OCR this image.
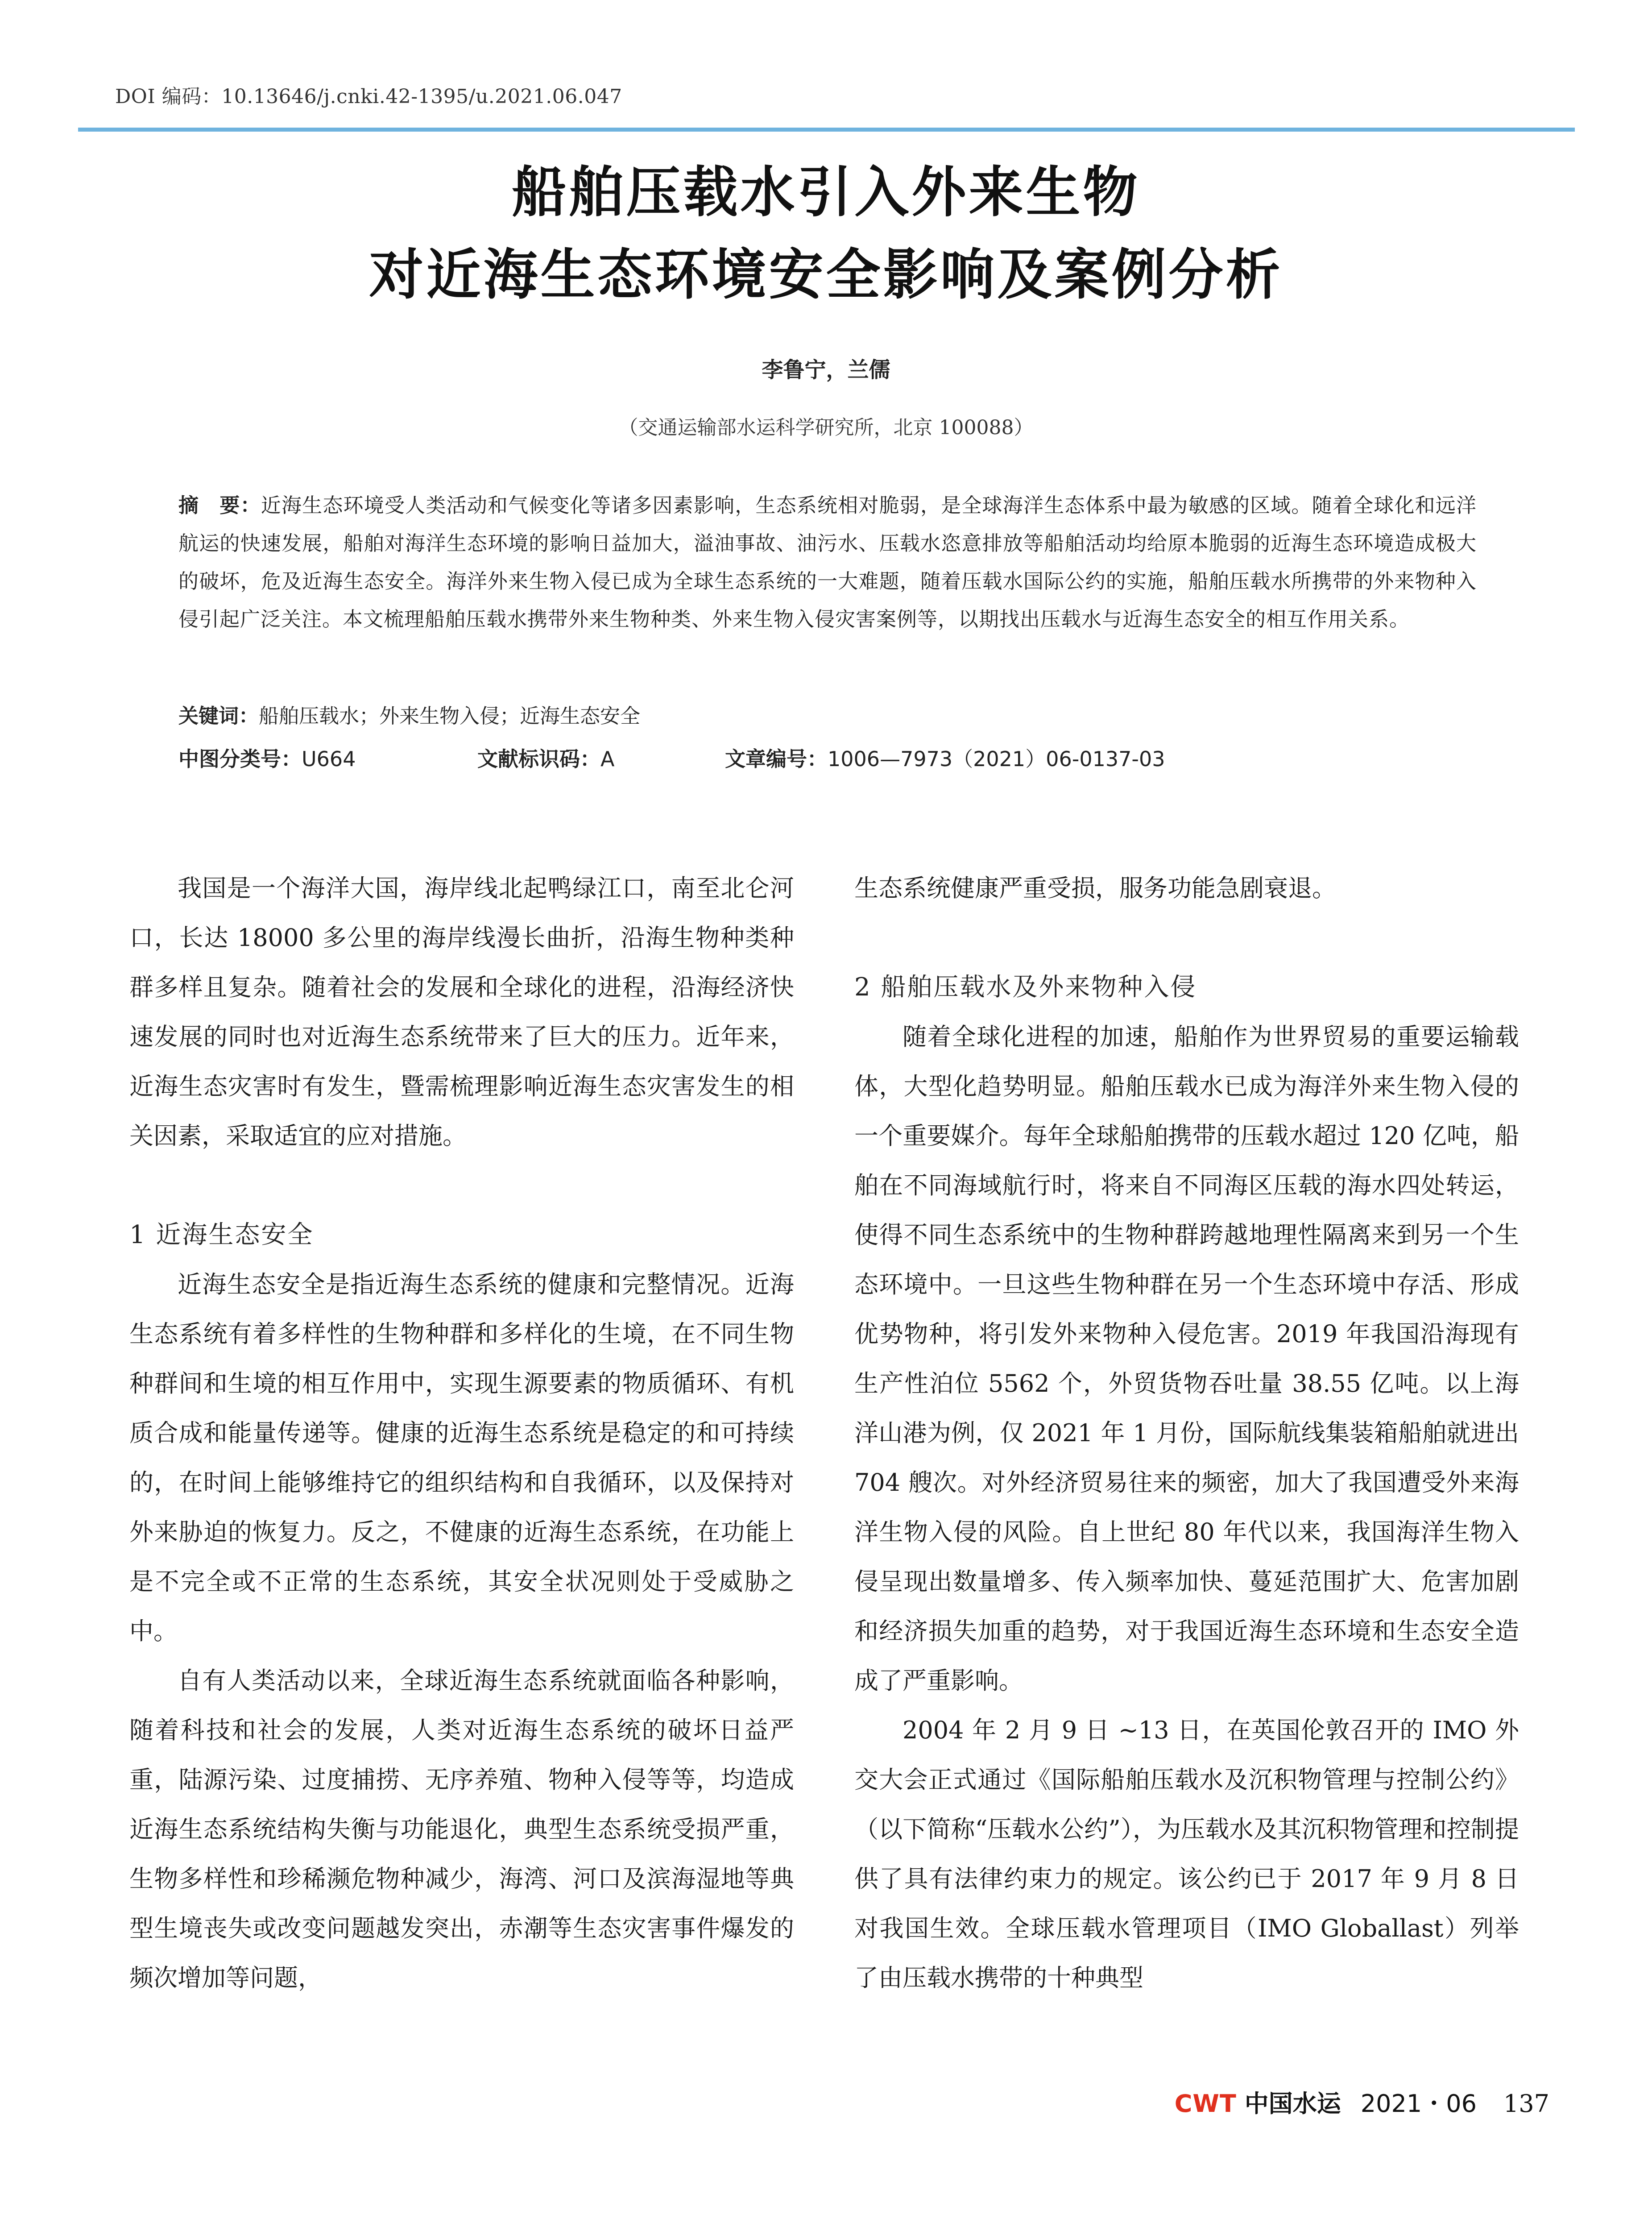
DOI 编码：10.13646/j.cnki.42-1395/u.2021.06.047
船舶压载水引入外来生物
对近海生态环境安全影响及案例分析
李鲁宁，兰儒
（交通运输部水运科学研究所，北京 100088）
摘　要：近海生态环境受人类活动和气候变化等诸多因素影响，生态系统相对脆弱，是全球海洋生态体系中最为敏感的区域。随着全球化和远洋航运的快速发展，船舶对海洋生态环境的影响日益加大，溢油事故、油污水、压载水恣意排放等船舶活动均给原本脆弱的近海生态环境造成极大的破坏，危及近海生态安全。海洋外来生物入侵已成为全球生态系统的一大难题，随着压载水国际公约的实施，船舶压载水所携带的外来物种入侵引起广泛关注。本文梳理船舶压载水携带外来生物种类、外来生物入侵灾害案例等，以期找出压载水与近海生态安全的相互作用关系。
关键词：船舶压载水；外来生物入侵；近海生态安全
中图分类号：U664	文献标识码：A	文章编号：1006—7973（2021）06-0137-03

我国是一个海洋大国，海岸线北起鸭绿江口，南至北仑河口，长达 18000 多公里的海岸线漫长曲折，沿海生物种类种群多样且复杂。随着社会的发展和全球化的进程，沿海经济快速发展的同时也对近海生态系统带来了巨大的压力。近年来，近海生态灾害时有发生，暨需梳理影响近海生态灾害发生的相关因素，采取适宜的应对措施。

1 近海生态安全

近海生态安全是指近海生态系统的健康和完整情况。近海生态系统有着多样性的生物种群和多样化的生境，在不同生物种群间和生境的相互作用中，实现生源要素的物质循环、有机质合成和能量传递等。健康的近海生态系统是稳定的和可持续的，在时间上能够维持它的组织结构和自我循环，以及保持对外来胁迫的恢复力。反之，不健康的近海生态系统，在功能上是不完全或不正常的生态系统，其安全状况则处于受威胁之中。

自有人类活动以来，全球近海生态系统就面临各种影响，随着科技和社会的发展，人类对近海生态系统的破坏日益严重，陆源污染、过度捕捞、无序养殖、物种入侵等等，均造成近海生态系统结构失衡与功能退化，典型生态系统受损严重，生物多样性和珍稀濒危物种减少，海湾、河口及滨海湿地等典型生境丧失或改变问题越发突出，赤潮等生态灾害事件爆发的频次增加等问题，

生态系统健康严重受损，服务功能急剧衰退。

2 船舶压载水及外来物种入侵

随着全球化进程的加速，船舶作为世界贸易的重要运输载体，大型化趋势明显。船舶压载水已成为海洋外来生物入侵的一个重要媒介。每年全球船舶携带的压载水超过 120 亿吨，船舶在不同海域航行时，将来自不同海区压载的海水四处转运，使得不同生态系统中的生物种群跨越地理性隔离来到另一个生态环境中。一旦这些生物种群在另一个生态环境中存活、形成优势物种，将引发外来物种入侵危害。2019 年我国沿海现有生产性泊位 5562 个，外贸货物吞吐量 38.55 亿吨。以上海洋山港为例，仅 2021 年 1 月份，国际航线集装箱船舶就进出 704 艘次。对外经济贸易往来的频密，加大了我国遭受外来海洋生物入侵的风险。自上世纪 80 年代以来，我国海洋生物入侵呈现出数量增多、传入频率加快、蔓延范围扩大、危害加剧和经济损失加重的趋势，对于我国近海生态环境和生态安全造成了严重影响。

2004 年 2 月 9 日 ~13 日，在英国伦敦召开的 IMO 外交大会正式通过《国际船舶压载水及沉积物管理与控制公约》（以下简称“压载水公约”），为压载水及其沉积物管理和控制提供了具有法律约束力的规定。该公约已于 2017 年 9 月 8 日对我国生效。全球压载水管理项目（IMO Globallast）列举了由压载水携带的十种典型

CWT 中国水运 2021・06 137
